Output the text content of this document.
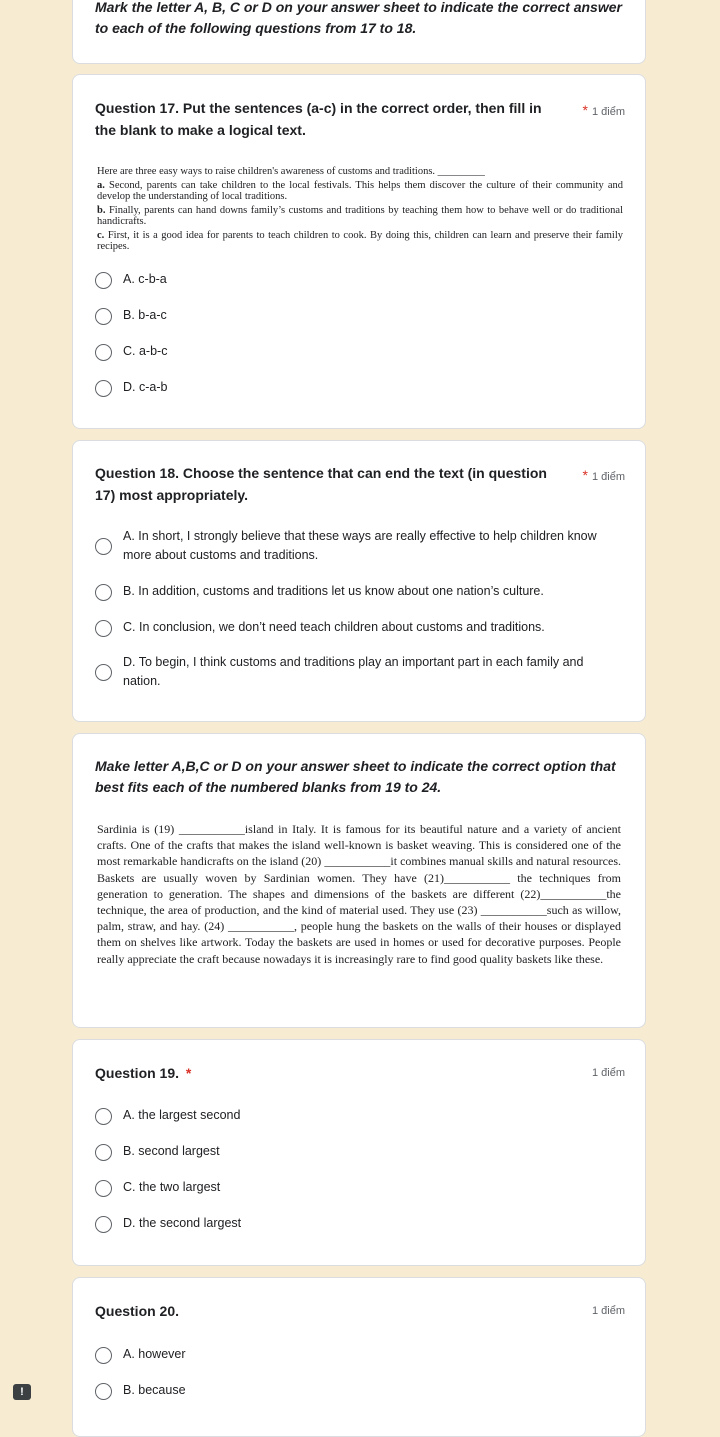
Mark the letter A, B, C or D on your answer sheet to indicate the correct answer to each of the following questions from 17 to 18.
Question 17. Put the sentences (a-c) in the correct order, then fill in the blank to make a logical text.
* 1 điểm

Here are three easy ways to raise children's awareness of customs and traditions. _________

a. Second, parents can take children to the local festivals. This helps them discover the culture of their community and develop the understanding of local traditions.

b. Finally, parents can hand downs family’s customs and traditions by teaching them how to behave well or do traditional handicrafts.

c. First, it is a good idea for parents to teach children to cook. By doing this, children can learn and preserve their family recipes.

A. c-b-a
B. b-a-c
C. a-b-c
D. c-a-b
Question 18. Choose the sentence that can end the text (in question 17) most appropriately.
* 1 điểm
A. In short, I strongly believe that these ways are really effective to help children know more about customs and traditions.
B. In addition, customs and traditions let us know about one nation’s culture.
C. In conclusion, we don’t need teach children about customs and traditions.
D. To begin, I think customs and traditions play an important part in each family and nation.
Make letter A,B,C or D on your answer sheet to indicate the correct option that best fits each of the numbered blanks from 19 to 24.
Sardinia is (19) ___________island in Italy. It is famous for its beautiful nature and a variety of ancient crafts. One of the crafts that makes the island well-known is basket weaving. This is considered one of the most remarkable handicrafts on the island (20) ___________it combines manual skills and natural resources. Baskets are usually woven by Sardinian women. They have (21)___________ the techniques from generation to generation. The shapes and dimensions of the baskets are different (22)___________the technique, the area of production, and the kind of material used. They use (23) ___________such as willow, palm, straw, and hay. (24) ___________, people hung the baskets on the walls of their houses or displayed them on shelves like artwork. Today the baskets are used in homes or used for decorative purposes. People really appreciate the craft because nowadays it is increasingly rare to find good quality baskets like these.
Question 19. *	1 điểm
A. the largest second
B. second largest
C. the two largest
D. the second largest
Question 20.	1 điểm
A. however
B. because
!
